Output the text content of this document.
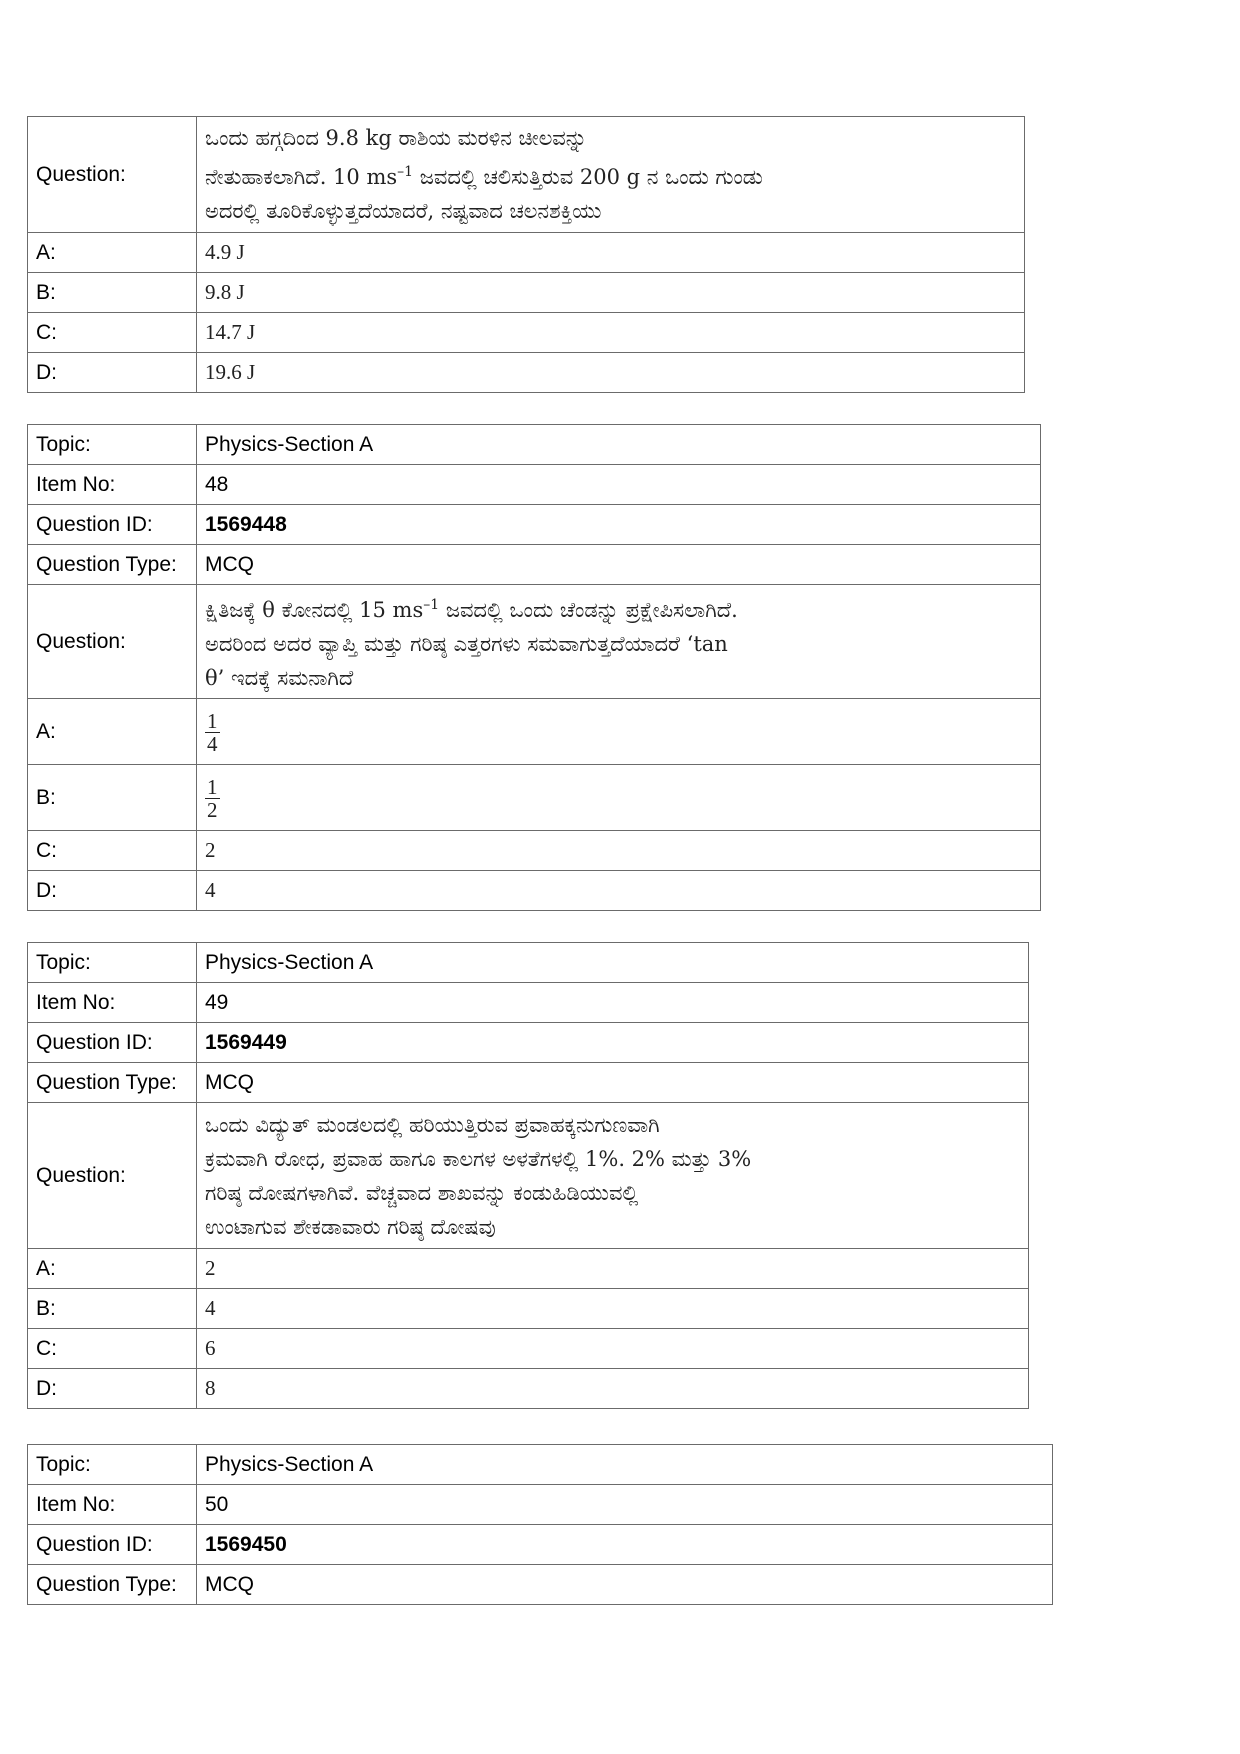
Question:	ಒಂದು ಹಗ್ಗದಿಂದ 9.8 kg ರಾಶಿಯ ಮರಳಿನ ಚೀಲವನ್ನು
ನೇತುಹಾಕಲಾಗಿದೆ. 10 $ms^{-1}$ ಜವದಲ್ಲಿ ಚಲಿಸುತ್ತಿರುವ 200 g ನ ಒಂದು ಗುಂಡು
ಅದರಲ್ಲಿ ತೂರಿಕೊಳ್ಳುತ್ತದೆಯಾದರೆ, ನಷ್ಟವಾದ ಚಲನಶಕ್ತಿಯು

A:	4.9 J
B:	9.8 J
C:	14.7 J
D:	19.6 J
Topic:	Physics-Section A
Item No:	48
Question ID:	1569448
Question Type:	MCQ
Question:	ಕ್ಷಿತಿಜಕ್ಕೆ θ ಕೋನದಲ್ಲಿ 15 $ms^{-1}$ ಜವದಲ್ಲಿ ಒಂದು ಚೆಂಡನ್ನು ಪ್ರಕ್ಷೇಪಿಸಲಾಗಿದೆ.
ಅದರಿಂದ ಅದರ ವ್ಯಾಪ್ತಿ ಮತ್ತು ಗರಿಷ್ಠ ಎತ್ತರಗಳು ಸಮವಾಗುತ್ತದೆಯಾದರೆ ‘tan
θ’ ಇದಕ್ಕೆ ಸಮನಾಗಿದೆ

A:	$\frac{1}{4}$

B:	$\frac{1}{2}$

C:	2
D:	4
Topic:	Physics-Section A
Item No:	49
Question ID:	1569449
Question Type:	MCQ
Question:	ಒಂದು ವಿದ್ಯುತ್ ಮಂಡಲದಲ್ಲಿ ಹರಿಯುತ್ತಿರುವ ಪ್ರವಾಹಕ್ಕನುಗುಣವಾಗಿ
ಕ್ರಮವಾಗಿ ರೋಧ, ಪ್ರವಾಹ ಹಾಗೂ ಕಾಲಗಳ ಅಳತೆಗಳಲ್ಲಿ 1%. 2% ಮತ್ತು 3%
ಗರಿಷ್ಠ ದೋಷಗಳಾಗಿವೆ. ವೆಚ್ಚವಾದ ಶಾಖವನ್ನು ಕಂಡುಹಿಡಿಯುವಲ್ಲಿ
ಉಂಟಾಗುವ ಶೇಕಡಾವಾರು ಗರಿಷ್ಠ ದೋಷವು

A:	2
B:	4
C:	6
D:	8
Topic:	Physics-Section A
Item No:	50
Question ID:	1569450
Question Type:	MCQ
